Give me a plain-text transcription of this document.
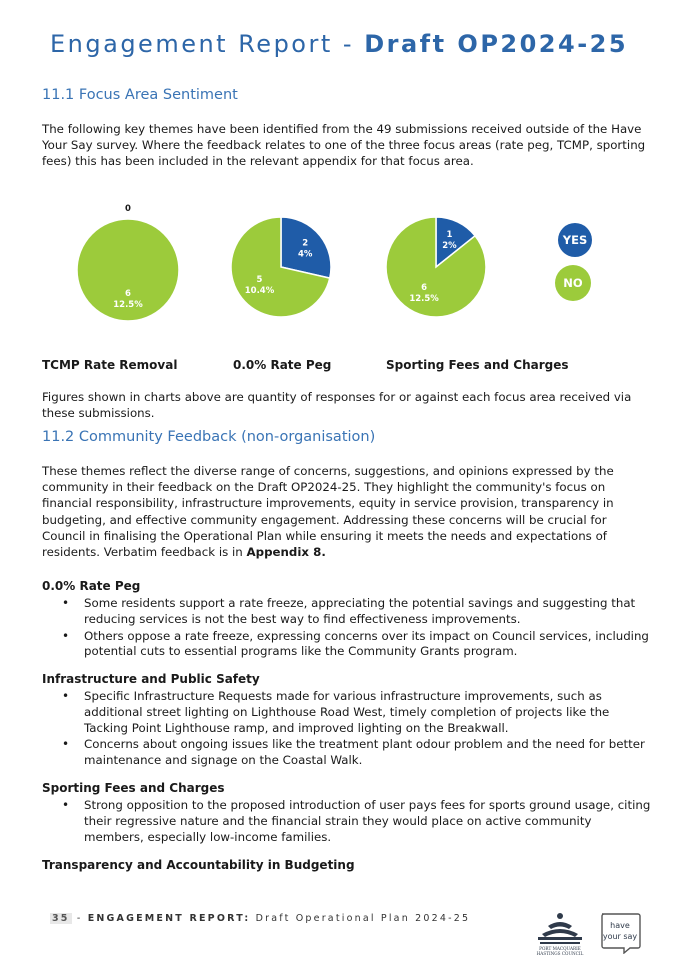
Engagement Report - Draft OP2024-25
11.1 Focus Area Sentiment
The following key themes have been identified from the 49 submissions received outside of the Have Your Say survey. Where the feedback relates to one of the three focus areas (rate peg, TCMP, sporting fees) this has been included in the relevant appendix for that focus area.
0
6
12.5%
2
4%
5
10.4%
1
2%
6
12.5%
YES
NO
TCMP Rate Removal	0.0% Rate Peg	Sporting Fees and Charges
Figures shown in charts above are quantity of responses for or against each focus area received via these submissions.
11.2 Community Feedback (non-organisation)
These themes reflect the diverse range of concerns, suggestions, and opinions expressed by the community in their feedback on the Draft OP2024-25. They highlight the community's focus on financial responsibility, infrastructure improvements, equity in service provision, transparency in budgeting, and effective community engagement. Addressing these concerns will be crucial for Council in finalising the Operational Plan while ensuring it meets the needs and expectations of residents. Verbatim feedback is in Appendix 8.
0.0% Rate Peg
• Some residents support a rate freeze, appreciating the potential savings and suggesting that reducing services is not the best way to find effectiveness improvements.
• Others oppose a rate freeze, expressing concerns over its impact on Council services, including potential cuts to essential programs like the Community Grants program.
Infrastructure and Public Safety
• Specific Infrastructure Requests made for various infrastructure improvements, such as additional street lighting on Lighthouse Road West, timely completion of projects like the Tacking Point Lighthouse ramp, and improved lighting on the Breakwall.
• Concerns about ongoing issues like the treatment plant odour problem and the need for better maintenance and signage on the Coastal Walk.
Sporting Fees and Charges
• Strong opposition to the proposed introduction of user pays fees for sports ground usage, citing their regressive nature and the financial strain they would place on active community members, especially low-income families.
Transparency and Accountability in Budgeting
35 - ENGAGEMENT REPORT: Draft Operational Plan 2024-25
PORT MACQUARIE
HASTINGS COUNCIL
have
your say
